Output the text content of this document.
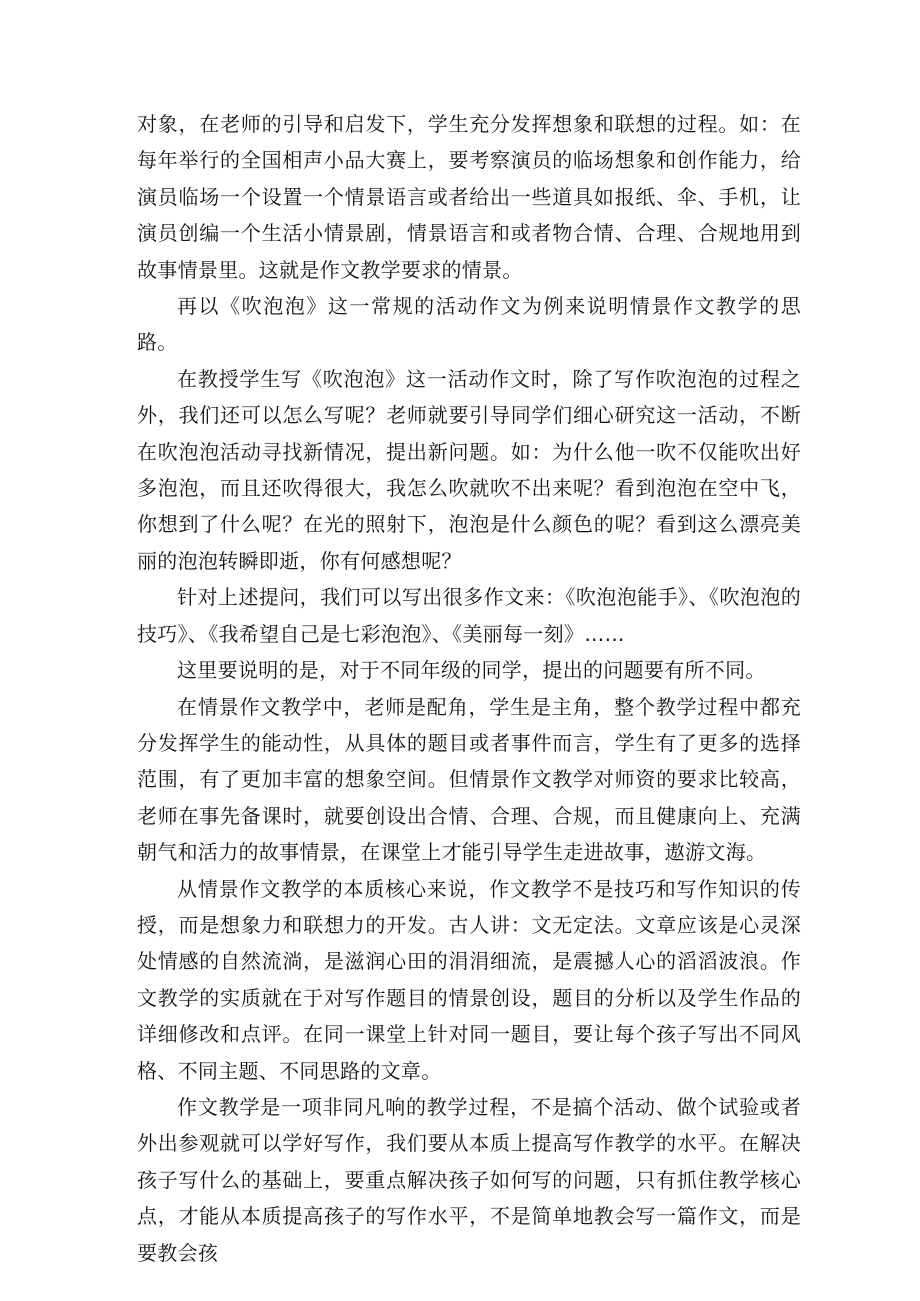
对象，在老师的引导和启发下，学生充分发挥想象和联想的过程。如：在每年举行的全国相声小品大赛上，要考察演员的临场想象和创作能力，给演员临场一个设置一个情景语言或者给出一些道具如报纸、伞、手机，让演员创编一个生活小情景剧，情景语言和或者物合情、合理、合规地用到故事情景里。这就是作文教学要求的情景。

再以《吹泡泡》这一常规的活动作文为例来说明情景作文教学的思路。

在教授学生写《吹泡泡》这一活动作文时，除了写作吹泡泡的过程之外，我们还可以怎么写呢？老师就要引导同学们细心研究这一活动，不断在吹泡泡活动寻找新情况，提出新问题。如：为什么他一吹不仅能吹出好多泡泡，而且还吹得很大，我怎么吹就吹不出来呢？看到泡泡在空中飞，你想到了什么呢？在光的照射下，泡泡是什么颜色的呢？看到这么漂亮美丽的泡泡转瞬即逝，你有何感想呢？

针对上述提问，我们可以写出很多作文来：《吹泡泡能手》、《吹泡泡的技巧》、《我希望自己是七彩泡泡》、《美丽每一刻》……

这里要说明的是，对于不同年级的同学，提出的问题要有所不同。

在情景作文教学中，老师是配角，学生是主角，整个教学过程中都充分发挥学生的能动性，从具体的题目或者事件而言，学生有了更多的选择范围，有了更加丰富的想象空间。但情景作文教学对师资的要求比较高，老师在事先备课时，就要创设出合情、合理、合规，而且健康向上、充满朝气和活力的故事情景，在课堂上才能引导学生走进故事，遨游文海。

从情景作文教学的本质核心来说，作文教学不是技巧和写作知识的传授，而是想象力和联想力的开发。古人讲：文无定法。文章应该是心灵深处情感的自然流淌，是滋润心田的涓涓细流，是震撼人心的滔滔波浪。作文教学的实质就在于对写作题目的情景创设，题目的分析以及学生作品的详细修改和点评。在同一课堂上针对同一题目，要让每个孩子写出不同风格、不同主题、不同思路的文章。

作文教学是一项非同凡响的教学过程，不是搞个活动、做个试验或者外出参观就可以学好写作，我们要从本质上提高写作教学的水平。在解决孩子写什么的基础上，要重点解决孩子如何写的问题，只有抓住教学核心点，才能从本质提高孩子的写作水平，不是简单地教会写一篇作文，而是要教会孩
